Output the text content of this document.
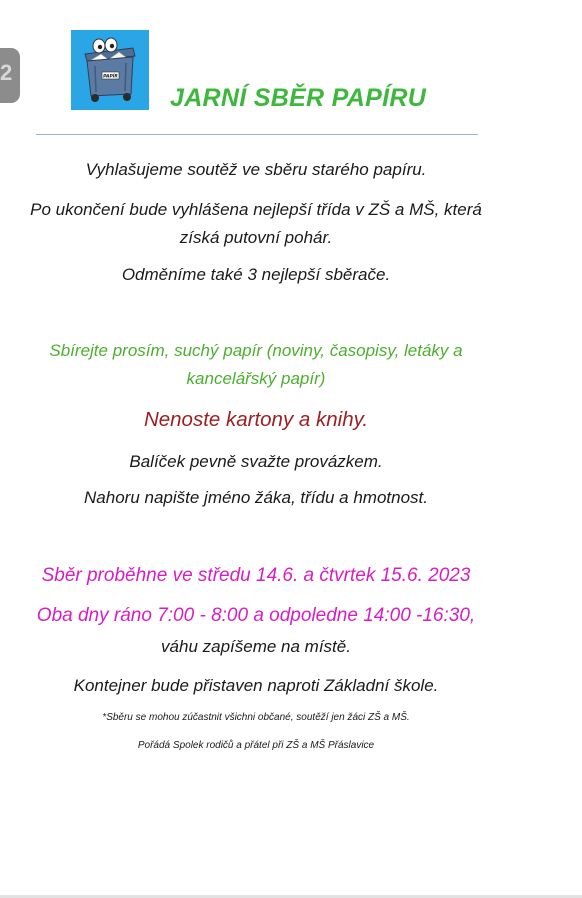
2	PAPÍR
JARNÍ SBĚR PAPÍRU
Vyhlašujeme soutěž ve sběru starého papíru.
Po ukončení bude vyhlášena nejlepší třída v ZŠ a MŠ, která
získá putovní pohár.
Odměníme také 3 nejlepší sběrače.
Sbírejte prosím, suchý papír (noviny, časopisy, letáky a
kancelářský papír)
Nenoste kartony a knihy.
Balíček pevně svažte provázkem.
Nahoru napište jméno žáka, třídu a hmotnost.
Sběr proběhne ve středu 14.6. a čtvrtek 15.6. 2023
Oba dny ráno 7:00 - 8:00 a odpoledne 14:00 -16:30,
váhu zapíšeme na místě.
Kontejner bude přistaven naproti Základní škole.
*Sběru se mohou zúčastnit všichni občané, soutěží jen žáci ZŠ a MŠ.
Pořádá Spolek rodičů a přátel při ZŠ a MŠ Přáslavice
